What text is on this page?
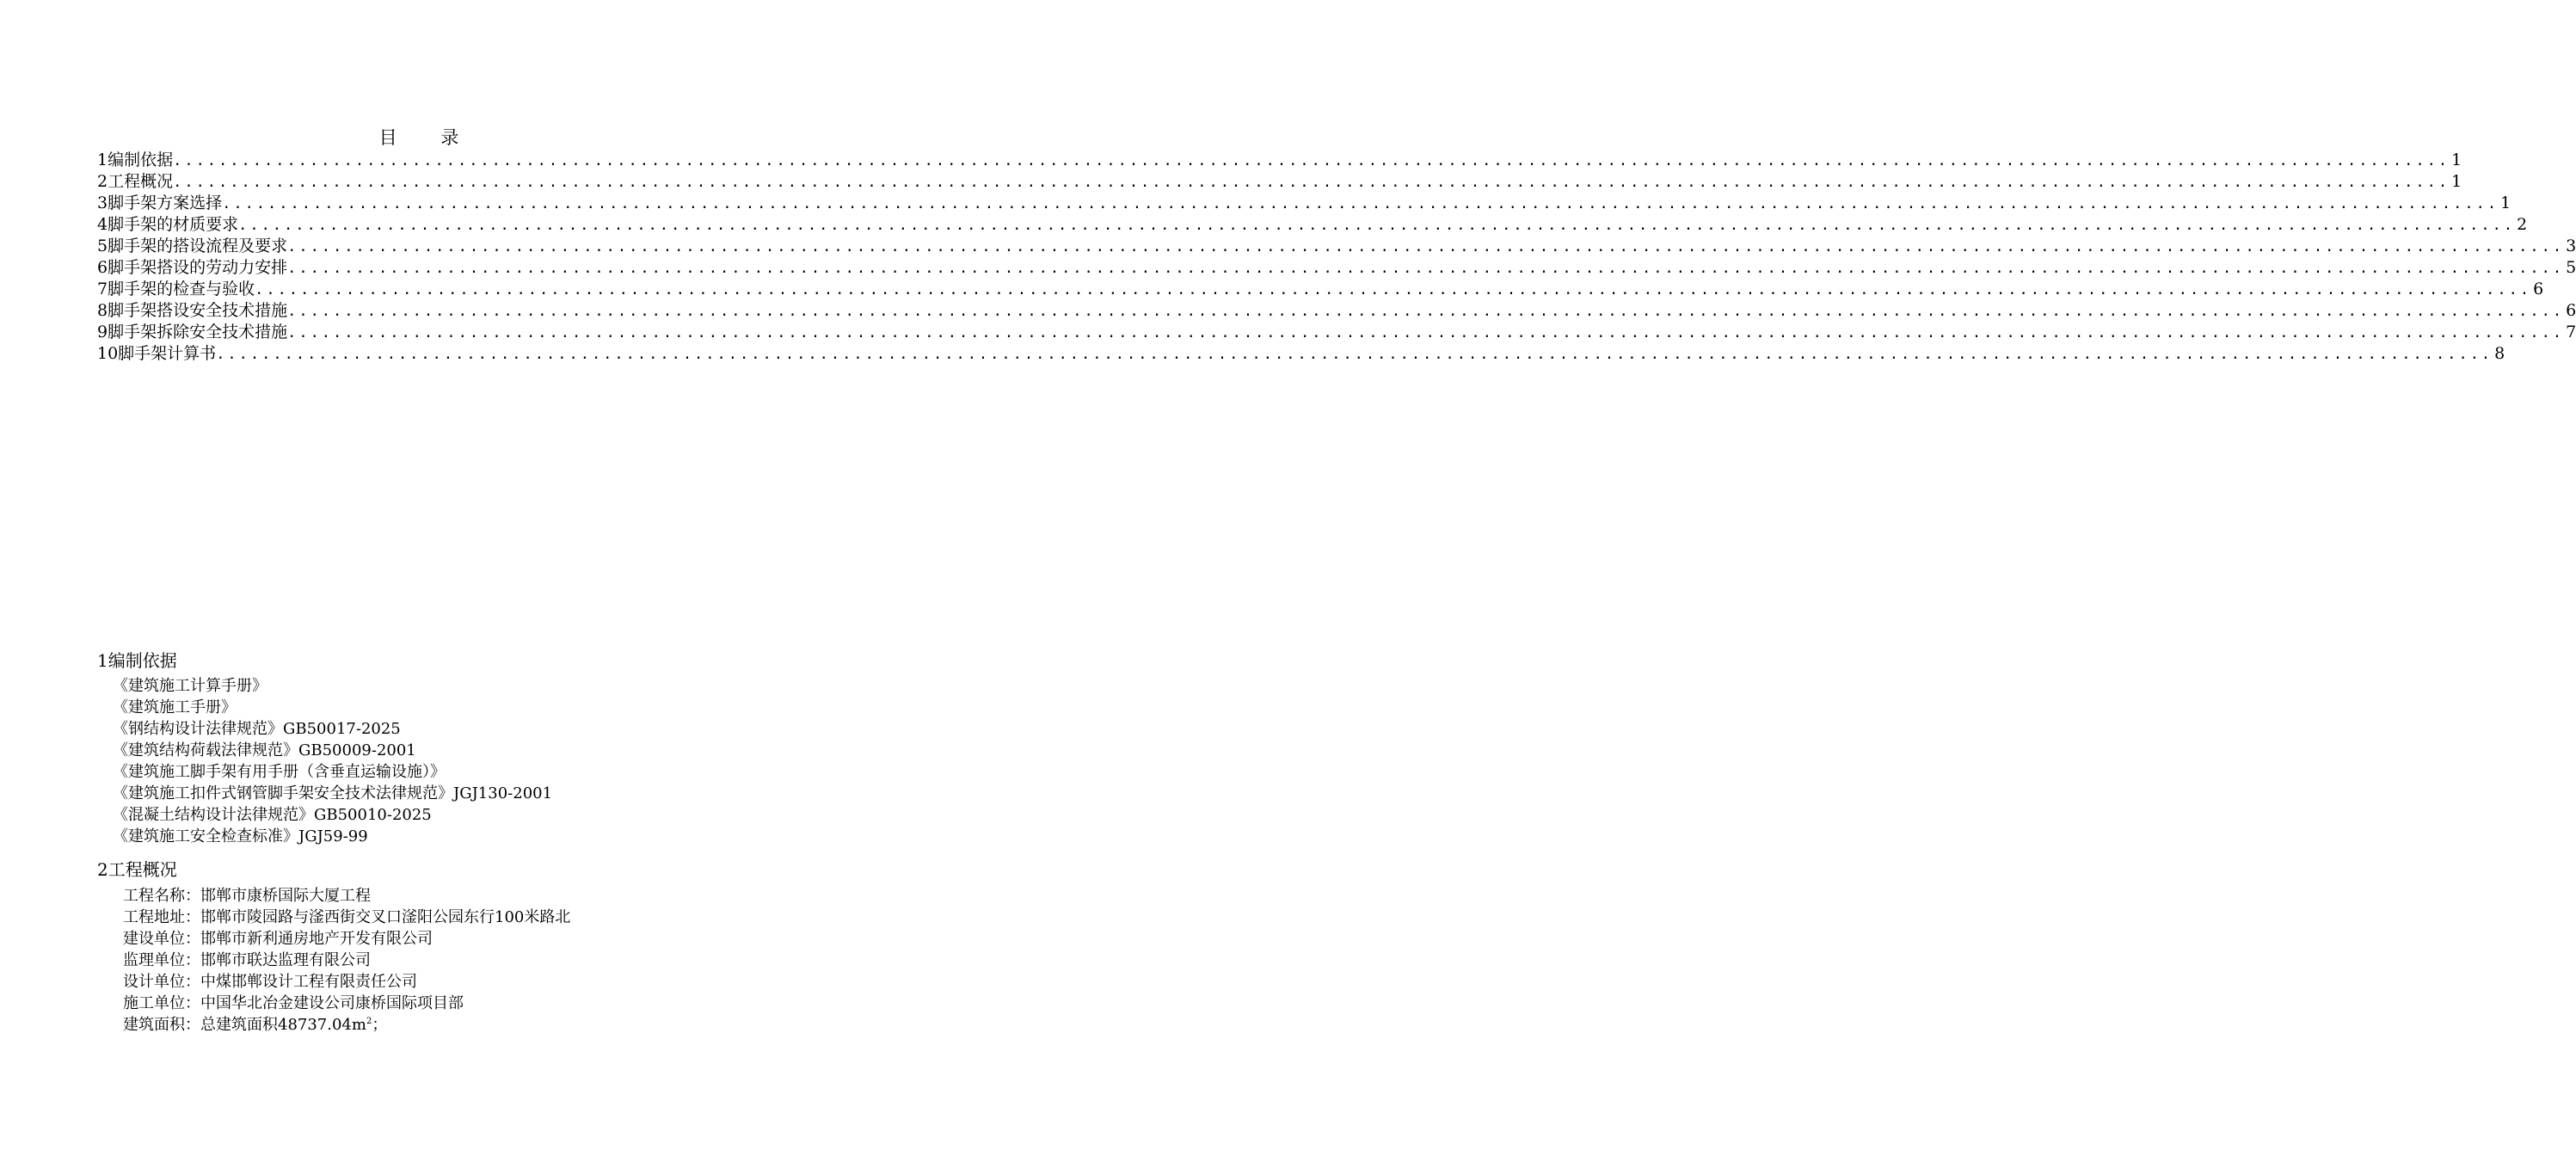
目 录
1编制依据 ........................................................................................................................................................................................................ 1
2工程概况 ........................................................................................................................................................................................................ 1
3脚手架方案选择 ........................................................................................................................................................................................................ 1
4脚手架的材质要求 ........................................................................................................................................................................................................ 2
5脚手架的搭设流程及要求 ........................................................................................................................................................................................................ 3
6脚手架搭设的劳动力安排 ........................................................................................................................................................................................................ 5
7脚手架的检查与验收 ........................................................................................................................................................................................................ 6
8脚手架搭设安全技术措施 ........................................................................................................................................................................................................ 6
9脚手架拆除安全技术措施 ........................................................................................................................................................................................................ 7
10脚手架计算书 ........................................................................................................................................................................................................ 8
1编制依据
《建筑施工计算手册》
《建筑施工手册》
《钢结构设计法律规范》GB50017-2025
《建筑结构荷载法律规范》GB50009-2001
《建筑施工脚手架有用手册（含垂直运输设施）》
《建筑施工扣件式钢管脚手架安全技术法律规范》JGJ130-2001
《混凝土结构设计法律规范》GB50010-2025
《建筑施工安全检查标准》JGJ59-99
2工程概况
工程名称：邯郸市康桥国际大厦工程
工程地址：邯郸市陵园路与滏西街交叉口滏阳公园东行100米路北
建设单位：邯郸市新利通房地产开发有限公司
监理单位：邯郸市联达监理有限公司
设计单位：中煤邯郸设计工程有限责任公司
施工单位：中国华北冶金建设公司康桥国际项目部
建筑面积：总建筑面积$48737.04m^2$；
